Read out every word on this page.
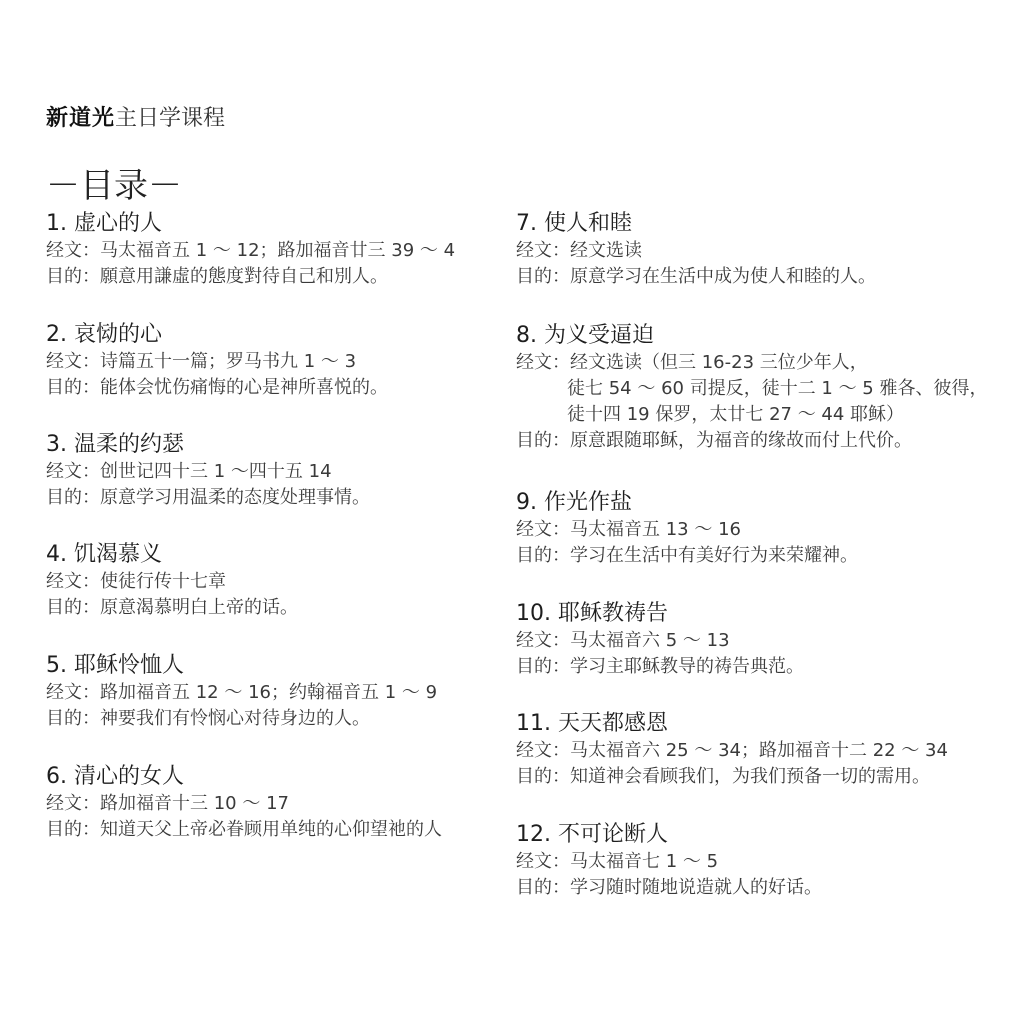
新道光主日学课程
－目录－
1. 虚心的人
经文：马太福音五 1 ～ 12；路加福音廿三 39 ～ 4
目的：願意用謙虛的態度對待自己和別人。
2. 哀恸的心
经文：诗篇五十一篇；罗马书九 1 ～ 3
目的：能体会忧伤痛悔的心是神所喜悦的。
3. 温柔的约瑟
经文：创世记四十三 1 ～四十五 14
目的：原意学习用温柔的态度处理事情。
4. 饥渴慕义
经文：使徒行传十七章
目的：原意渴慕明白上帝的话。
5. 耶稣怜恤人
经文：路加福音五 12 ～ 16；约翰福音五 1 ～ 9
目的：神要我们有怜悯心对待身边的人。
6. 清心的女人
经文：路加福音十三 10 ～ 17
目的：知道天父上帝必眷顾用单纯的心仰望祂的人
7. 使人和睦
经文：经文选读
目的：原意学习在生活中成为使人和睦的人。
8. 为义受逼迫
经文：经文选读（但三 16-23 三位少年人，
徒七 54 ～ 60 司提反，徒十二 1 ～ 5 雅各、彼得，
徒十四 19 保罗，太廿七 27 ～ 44 耶稣）
目的：原意跟随耶稣，为福音的缘故而付上代价。
9. 作光作盐
经文：马太福音五 13 ～ 16
目的：学习在生活中有美好行为来荣耀神。
10. 耶稣教祷告
经文：马太福音六 5 ～ 13
目的：学习主耶稣教导的祷告典范。
11. 天天都感恩
经文：马太福音六 25 ～ 34；路加福音十二 22 ～ 34
目的：知道神会看顾我们，为我们预备一切的需用。
12. 不可论断人
经文：马太福音七 1 ～ 5
目的：学习随时随地说造就人的好话。
